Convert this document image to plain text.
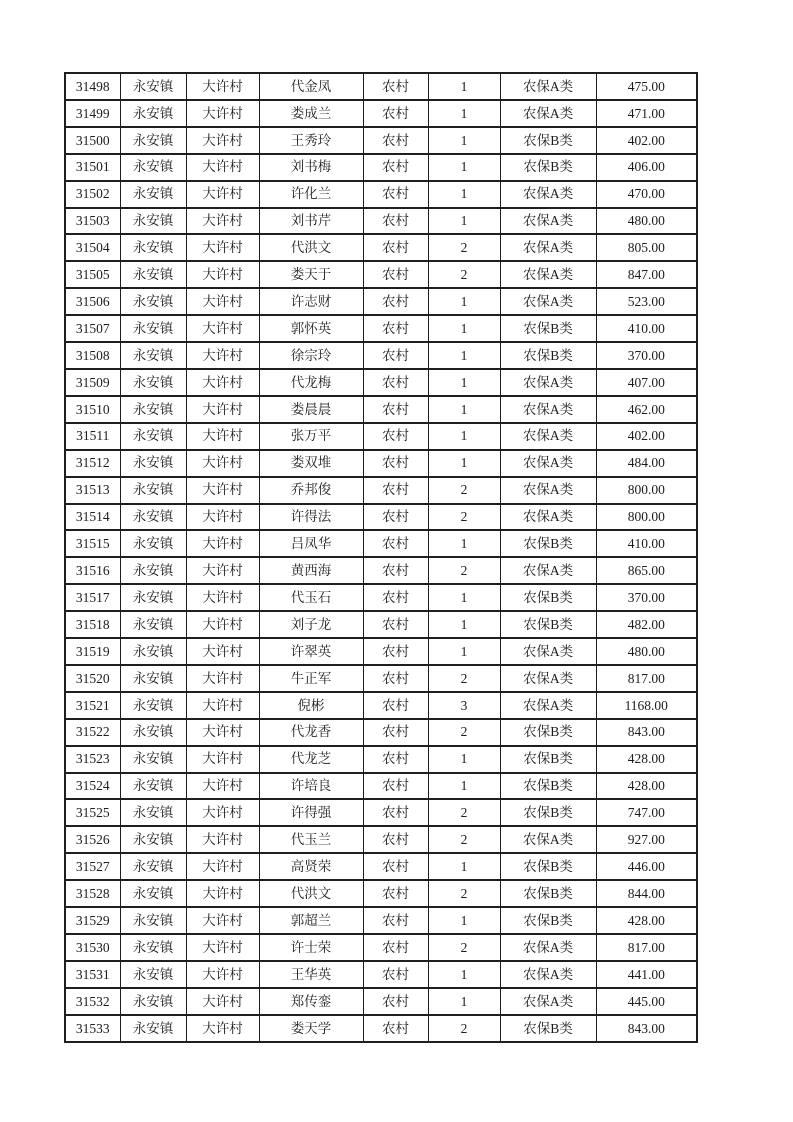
31498	永安镇	大许村	代金凤	农村	1	农保A类	475.00
31499	永安镇	大许村	娄成兰	农村	1	农保A类	471.00
31500	永安镇	大许村	王秀玲	农村	1	农保B类	402.00
31501	永安镇	大许村	刘书梅	农村	1	农保B类	406.00
31502	永安镇	大许村	许化兰	农村	1	农保A类	470.00
31503	永安镇	大许村	刘书芹	农村	1	农保A类	480.00
31504	永安镇	大许村	代洪文	农村	2	农保A类	805.00
31505	永安镇	大许村	娄天于	农村	2	农保A类	847.00
31506	永安镇	大许村	许志财	农村	1	农保A类	523.00
31507	永安镇	大许村	郭怀英	农村	1	农保B类	410.00
31508	永安镇	大许村	徐宗玲	农村	1	农保B类	370.00
31509	永安镇	大许村	代龙梅	农村	1	农保A类	407.00
31510	永安镇	大许村	娄晨晨	农村	1	农保A类	462.00
31511	永安镇	大许村	张万平	农村	1	农保A类	402.00
31512	永安镇	大许村	娄双堆	农村	1	农保A类	484.00
31513	永安镇	大许村	乔邦俊	农村	2	农保A类	800.00
31514	永安镇	大许村	许得法	农村	2	农保A类	800.00
31515	永安镇	大许村	吕凤华	农村	1	农保B类	410.00
31516	永安镇	大许村	黄西海	农村	2	农保A类	865.00
31517	永安镇	大许村	代玉石	农村	1	农保B类	370.00
31518	永安镇	大许村	刘子龙	农村	1	农保B类	482.00
31519	永安镇	大许村	许翠英	农村	1	农保A类	480.00
31520	永安镇	大许村	牛正军	农村	2	农保A类	817.00
31521	永安镇	大许村	倪彬	农村	3	农保A类	1168.00
31522	永安镇	大许村	代龙香	农村	2	农保B类	843.00
31523	永安镇	大许村	代龙芝	农村	1	农保B类	428.00
31524	永安镇	大许村	许培良	农村	1	农保B类	428.00
31525	永安镇	大许村	许得强	农村	2	农保B类	747.00
31526	永安镇	大许村	代玉兰	农村	2	农保A类	927.00
31527	永安镇	大许村	高贤荣	农村	1	农保B类	446.00
31528	永安镇	大许村	代洪文	农村	2	农保B类	844.00
31529	永安镇	大许村	郭超兰	农村	1	农保B类	428.00
31530	永安镇	大许村	许士荣	农村	2	农保A类	817.00
31531	永安镇	大许村	王华英	农村	1	农保A类	441.00
31532	永安镇	大许村	郑传銮	农村	1	农保A类	445.00
31533	永安镇	大许村	娄天学	农村	2	农保B类	843.00
